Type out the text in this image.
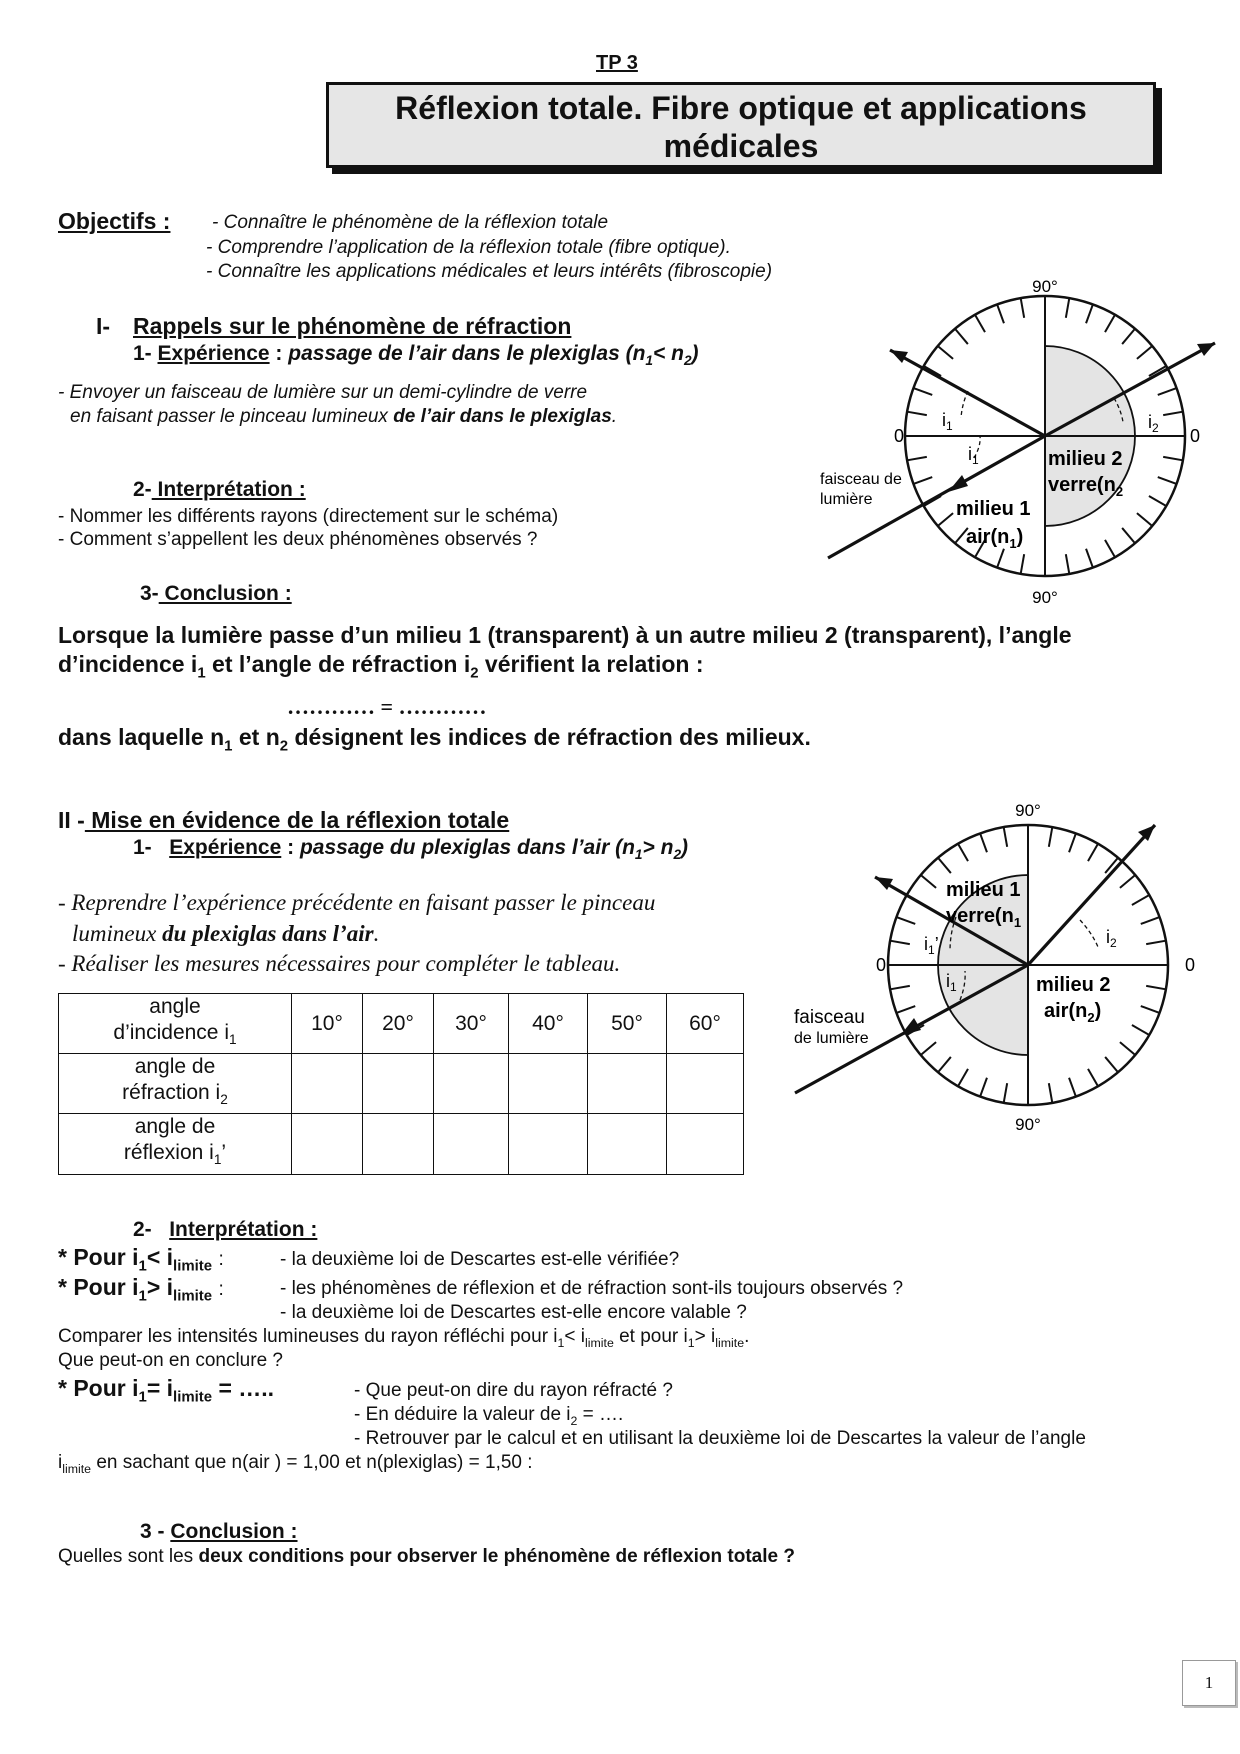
TP 3
Réflexion totale. Fibre optique et applications
médicales
Objectifs : - Connaître le phénomène de la réflexion totale
- Comprendre l’application de la réflexion totale (fibre optique).
- Connaître les applications médicales et leurs intérêts (fibroscopie)
I- Rappels sur le phénomène de réfraction
1- Expérience : passage de l’air dans le plexiglas $(n_1< n_2)$
- Envoyer un faisceau de lumière sur un demi-cylindre de verre
en faisant passer le pinceau lumineux de l’air dans le plexiglas.
2- Interprétation :
- Nommer les différents rayons (directement sur le schéma)
- Comment s’appellent les deux phénomènes observés ?
3- Conclusion :
Lorsque la lumière passe d’un milieu 1 (transparent) à un autre milieu 2 (transparent), l’angle
d’incidence $i_1$ et l’angle de réfraction $i_2$ vérifient la relation :
………… = …………
dans laquelle $n_1$ et $n_2$ désignent les indices de réfraction des milieux.
90°
90°
0	0
faisceau de
lumière
$i_1$
$i_1$
$i_2$
milieu 2
$verre(n_2$
milieu 1
$air(n_1)$
II - Mise en évidence de la réflexion totale
1- Expérience : passage du plexiglas dans l’air $(n_1> n_2)$
- Reprendre l’expérience précédente en faisant passer le pinceau
lumineux du plexiglas dans l’air.
- Réaliser les mesures nécessaires pour compléter le tableau.
angle
d’incidence $i_1$	10°	20°	30°	40°	50°	60°
angle de
réfraction $i_2$						
angle de
réflexion $i_1$’						
90°
90°
0	0
faisceau
de lumière
milieu 1
$verre(n_1$
$i_1$’
$i_1$
$i_2$
milieu 2
$air(n_2)$
2- Interprétation :
* Pour $i_1< i_{limite}$ :	- la deuxième loi de Descartes est-elle vérifiée?
* Pour $i_1> i_{limite}$ :	- les phénomènes de réflexion et de réfraction sont-ils toujours observés ?
- la deuxième loi de Descartes est-elle encore valable ?
Comparer les intensités lumineuses du rayon réfléchi pour $i_1< i_{limite}$ et pour $i_1> i_{limite}$.
Que peut-on en conclure ?
* Pour $i_1= i_{limite}$ = …..	- Que peut-on dire du rayon réfracté ?
- En déduire la valeur de $i_2$ = ….
- Retrouver par le calcul et en utilisant la deuxième loi de Descartes la valeur de l’angle
$i_{limite}$ en sachant que n(air ) = 1,00 et n(plexiglas) = 1,50 :
3 - Conclusion :
Quelles sont les deux conditions pour observer le phénomène de réflexion totale ?
1
